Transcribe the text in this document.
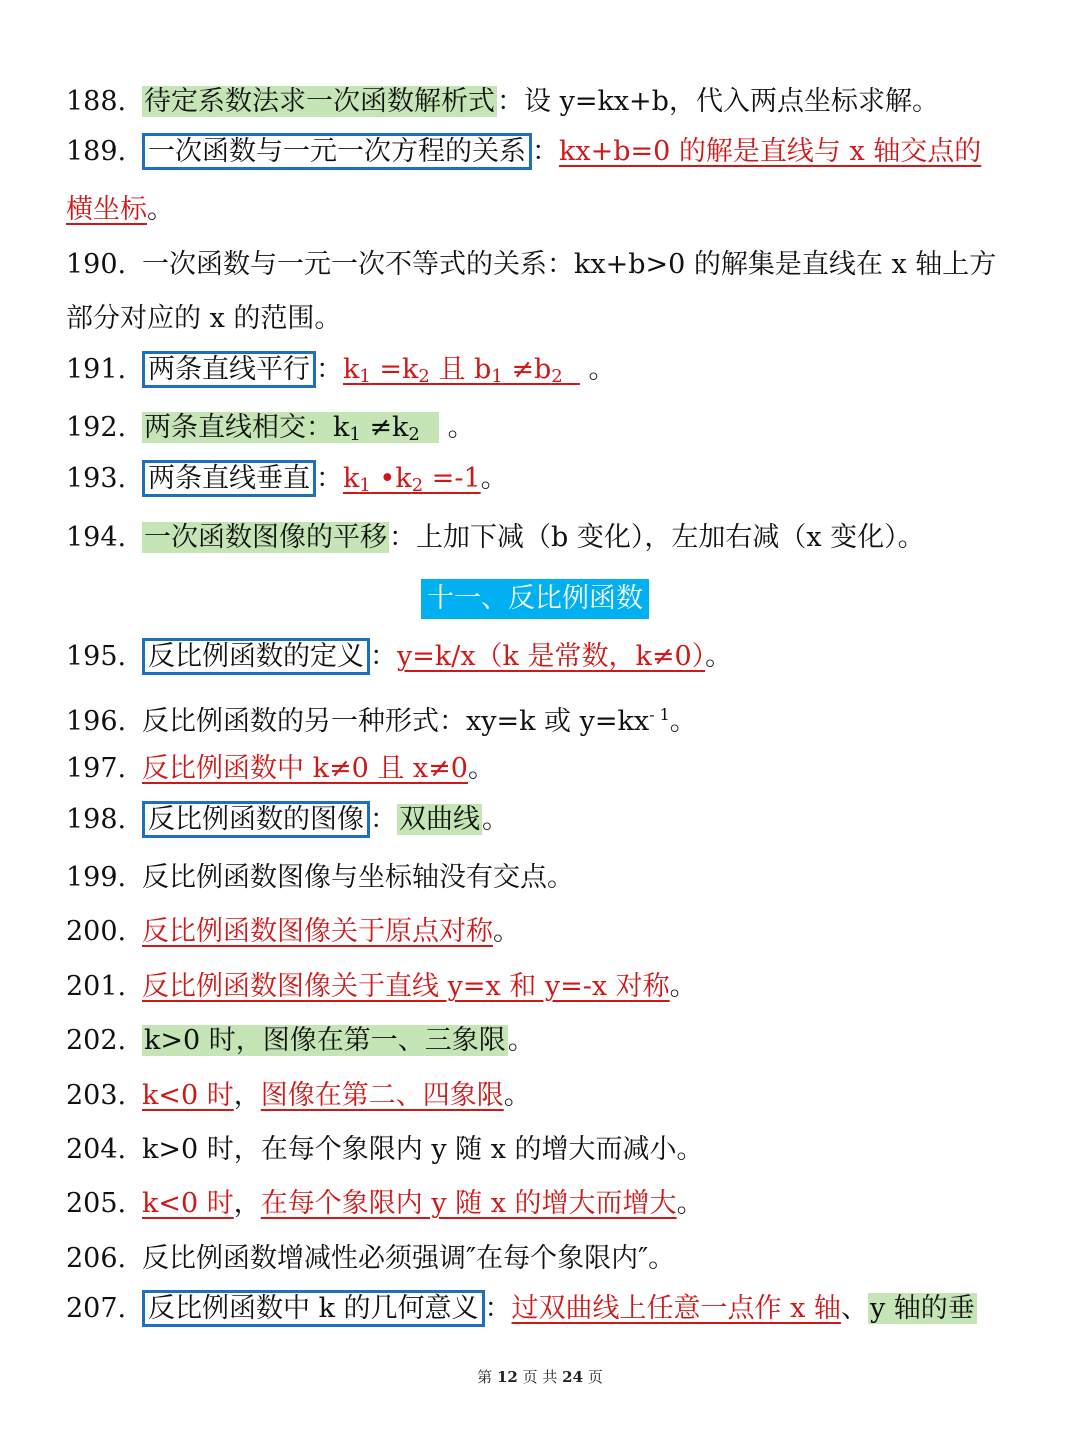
188. 待定系数法求一次函数解析式：设 y=kx+b，代入两点坐标求解。
189. 一次函数与一元一次方程的关系 ：kx+b=0 的解是直线与 x 轴交点的
横坐标。
190. 一次函数与一元一次不等式的关系：kx+b>0 的解集是直线在 x 轴上方
部分对应的 x 的范围。
191. 两条直线平行 ：$k_1 =k_2$ 且 $b_1 \ne b_2$   。
192. 两条直线相交：$k_1 \ne k_2$   。
193. 两条直线垂直 ：$k_1$ $•k_2 =-1$。
194. 一次函数图像的平移：上加下减（b 变化），左加右减（x 变化）。
十一、反比例函数
195. 反比例函数的定义 ：y=k/x（k 是常数，k≠0）。
196. 反比例函数的另一种形式：xy=k 或 $y=kx^{- 1}$。
197. 反比例函数中 k≠0 且 x≠0。
198. 反比例函数的图像 ：双曲线。
199. 反比例函数图像与坐标轴没有交点。
200. 反比例函数图像关于原点对称。
201. 反比例函数图像关于直线 y=x 和 y=-x 对称。
202. k>0 时，图像在第一、三象限。
203. k<0 时，图像在第二、四象限。
204. k>0 时，在每个象限内 y 随 x 的增大而减小。
205. k<0 时，在每个象限内 y 随 x 的增大而增大。
206. 反比例函数增减性必须强调″在每个象限内″。
207. 反比例函数中 k 的几何意义 ：过双曲线上任意一点作 x 轴、y 轴的垂
第 12 页 共 24 页
